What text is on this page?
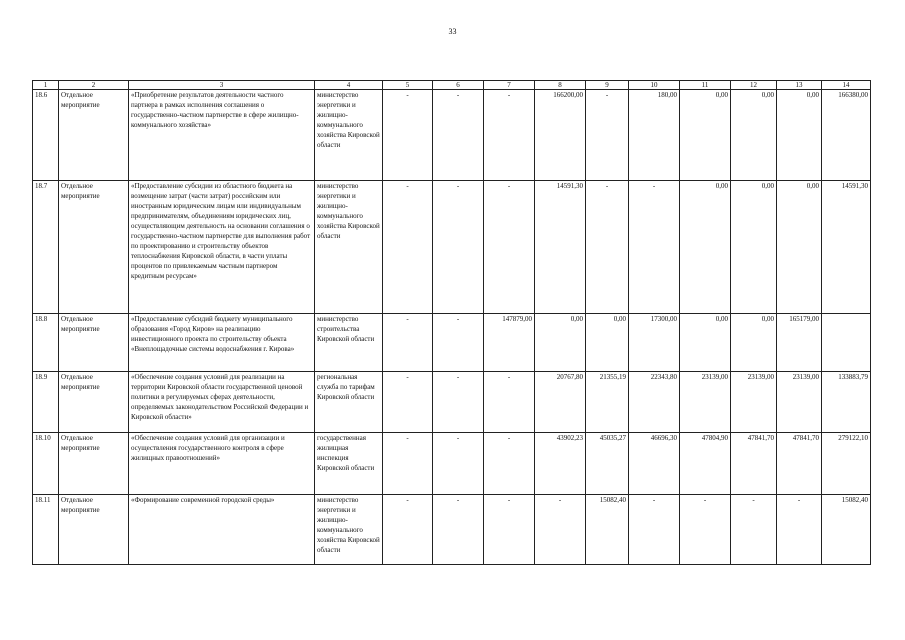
33
1	2	3	4	5	6	7	8	9	10	11	12	13	14
18.6	Отдельное мероприятие	«Приобретение результатов деятельности частного партнера в рамках исполнения соглашения о государственно-частном партнерстве в сфере жилищно-коммунального хозяйства»	министерство энергетики и жилищно-коммунального хозяйства Кировской области	-	-	-	166200,00	-	180,00	0,00	0,00	0,00	166380,00
18.7	Отдельное мероприятие	«Предоставление субсидии из областного бюджета на возмещение затрат (части затрат) российским или иностранным юридическим лицам или индивидуальным предпринимателям, объединениям юридических лиц, осуществляющим деятельность на основании соглашения о государственно-частном партнерстве для выполнения работ по проектированию и строительству объектов теплоснабжения Кировской области, в части уплаты процентов по привлекаемым частным партнером кредитным ресурсам»	министерство энергетики и жилищно-коммунального хозяйства Кировской области	-	-	-	14591,30	-	-	0,00	0,00	0,00	14591,30
18.8	Отдельное мероприятие	«Предоставление субсидий бюджету муниципального образования «Город Киров» на реализацию инвестиционного проекта по строительству объекта «Внеплощадочные системы водоснабжения г. Кирова»	министерство строительства Кировской области	-	-	147879,00	0,00	0,00	17300,00	0,00	0,00	165179,00	
18.9	Отдельное мероприятие	«Обеспечение создания условий для реализации на территории Кировской области государственной ценовой политики в регулируемых сферах деятельности, определяемых законодательством Российской Федерации и Кировской области»	региональная служба по тарифам Кировской области	-	-	-	20767,80	21355,19	22343,80	23139,00	23139,00	23139,00	133883,79
18.10	Отдельное мероприятие	«Обеспечение создания условий для организации и осуществления государственного контроля в сфере жилищных правоотношений»	государственная жилищная инспекция Кировской области	-	-	-	43902,23	45035,27	46696,30	47804,90	47841,70	47841,70	279122,10
18.11	Отдельное мероприятие	«Формирование современной городской среды»	министерство энергетики и жилищно-коммунального хозяйства Кировской области	-	-	-	-	15082,40	-	-	-	-	15082,40
